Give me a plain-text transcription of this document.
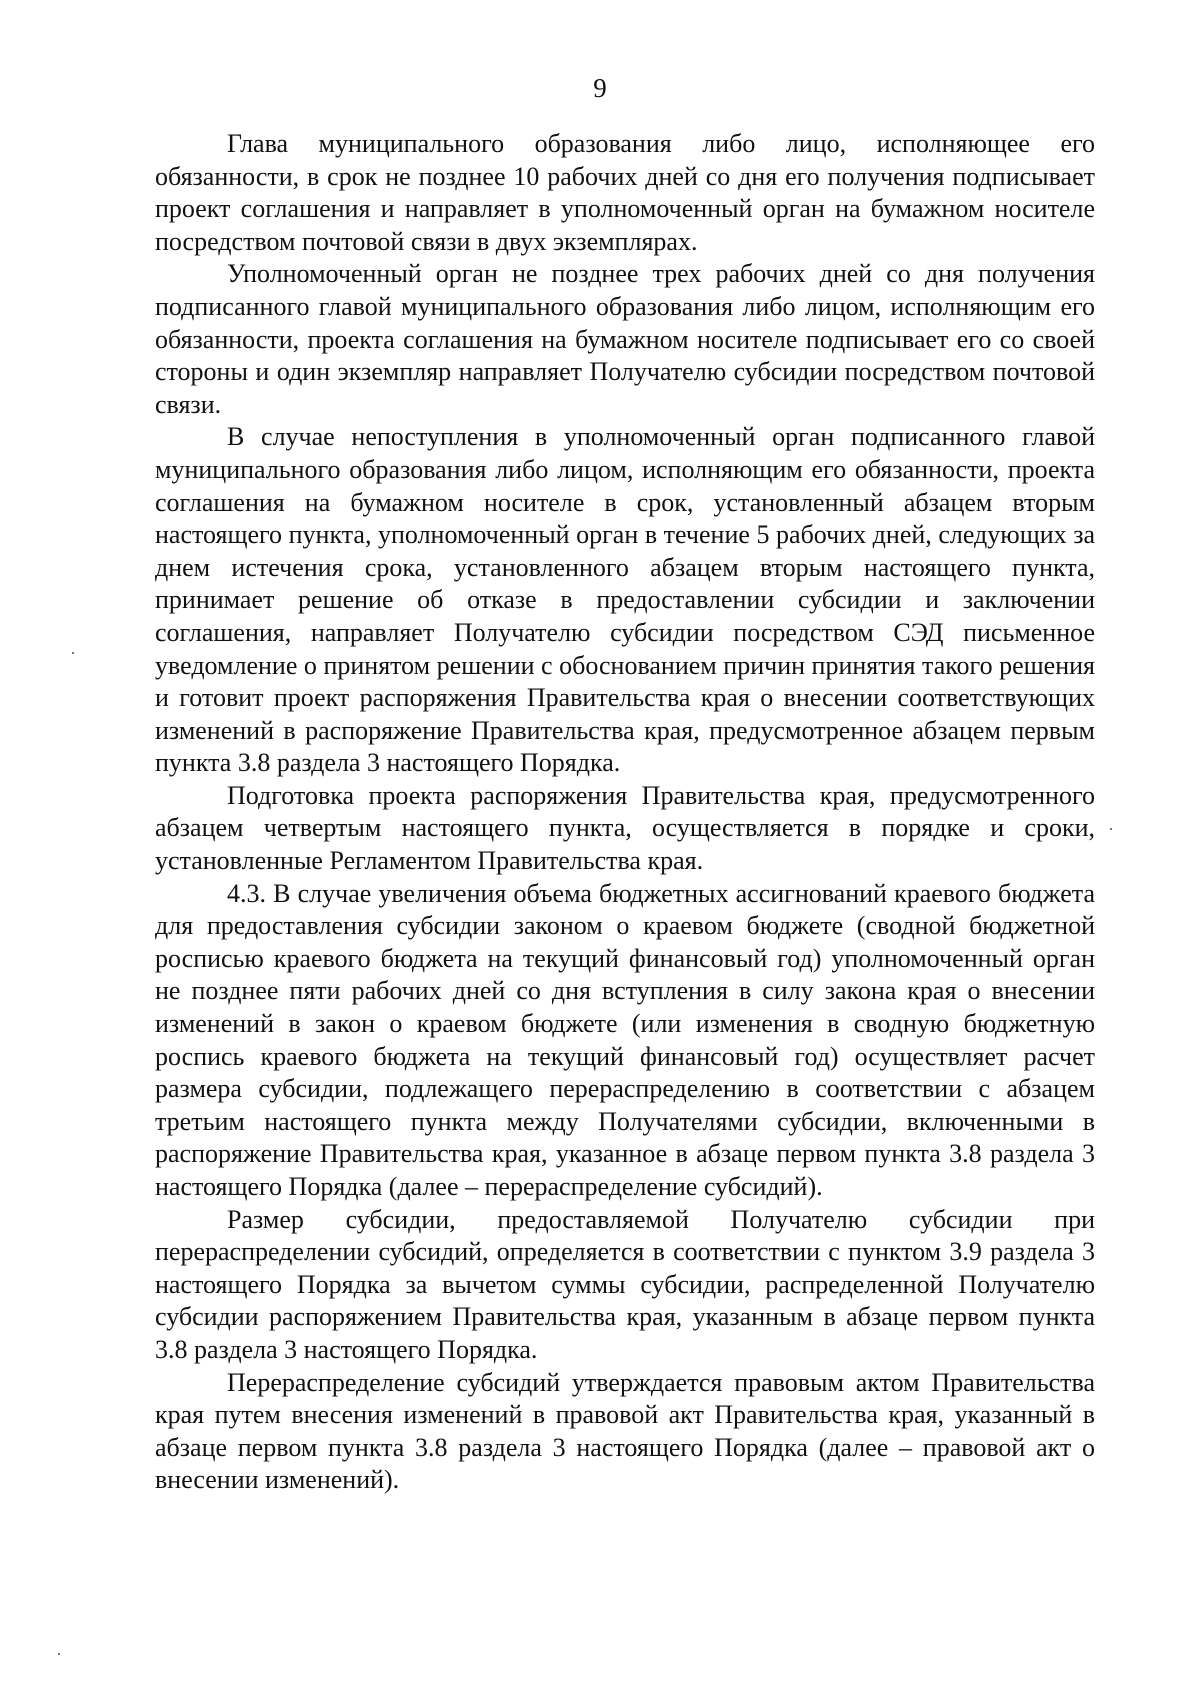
9

Глава муниципального образования либо лицо, исполняющее его обязанности, в срок не позднее 10 рабочих дней со дня его получения подписывает проект соглашения и направляет в уполномоченный орган на бумажном носителе посредством почтовой связи в двух экземплярах.

Уполномоченный орган не позднее трех рабочих дней со дня получения подписанного главой муниципального образования либо лицом, исполняющим его обязанности, проекта соглашения на бумажном носителе подписывает его со своей стороны и один экземпляр направляет Получателю субсидии посредством почтовой связи.

В случае непоступления в уполномоченный орган подписанного главой муниципального образования либо лицом, исполняющим его обязанности, проекта соглашения на бумажном носителе в срок, установленный абзацем вторым настоящего пункта, уполномоченный орган в течение 5 рабочих дней, следующих за днем истечения срока, установленного абзацем вторым настоящего пункта, принимает решение об отказе в предоставлении субсидии и заключении соглашения, направляет Получателю субсидии посредством СЭД письменное уведомление о принятом решении с обоснованием причин принятия такого решения и готовит проект распоряжения Правительства края о внесении соответствующих изменений в распоряжение Правительства края, предусмотренное абзацем первым пункта 3.8 раздела 3 настоящего Порядка.

Подготовка проекта распоряжения Правительства края, предусмотренного абзацем четвертым настоящего пункта, осуществляется в порядке и сроки, установленные Регламентом Правительства края.

4.3. В случае увеличения объема бюджетных ассигнований краевого бюджета для предоставления субсидии законом о краевом бюджете (сводной бюджетной росписью краевого бюджета на текущий финансовый год) уполномоченный орган не позднее пяти рабочих дней со дня вступления в силу закона края о внесении изменений в закон о краевом бюджете (или изменения в сводную бюджетную роспись краевого бюджета на текущий финансовый год) осуществляет расчет размера субсидии, подлежащего перераспределению в соответствии с абзацем третьим настоящего пункта между Получателями субсидии, включенными в распоряжение Правительства края, указанное в абзаце первом пункта 3.8 раздела 3 настоящего Порядка (далее – перераспределение субсидий).

Размер субсидии, предоставляемой Получателю субсидии при перераспределении субсидий, определяется в соответствии с пунктом 3.9 раздела 3 настоящего Порядка за вычетом суммы субсидии, распределенной Получателю субсидии распоряжением Правительства края, указанным в абзаце первом пункта 3.8 раздела 3 настоящего Порядка.

Перераспределение субсидий утверждается правовым актом Правительства края путем внесения изменений в правовой акт Правительства края, указанный в абзаце первом пункта 3.8 раздела 3 настоящего Порядка (далее – правовой акт о внесении изменений).
